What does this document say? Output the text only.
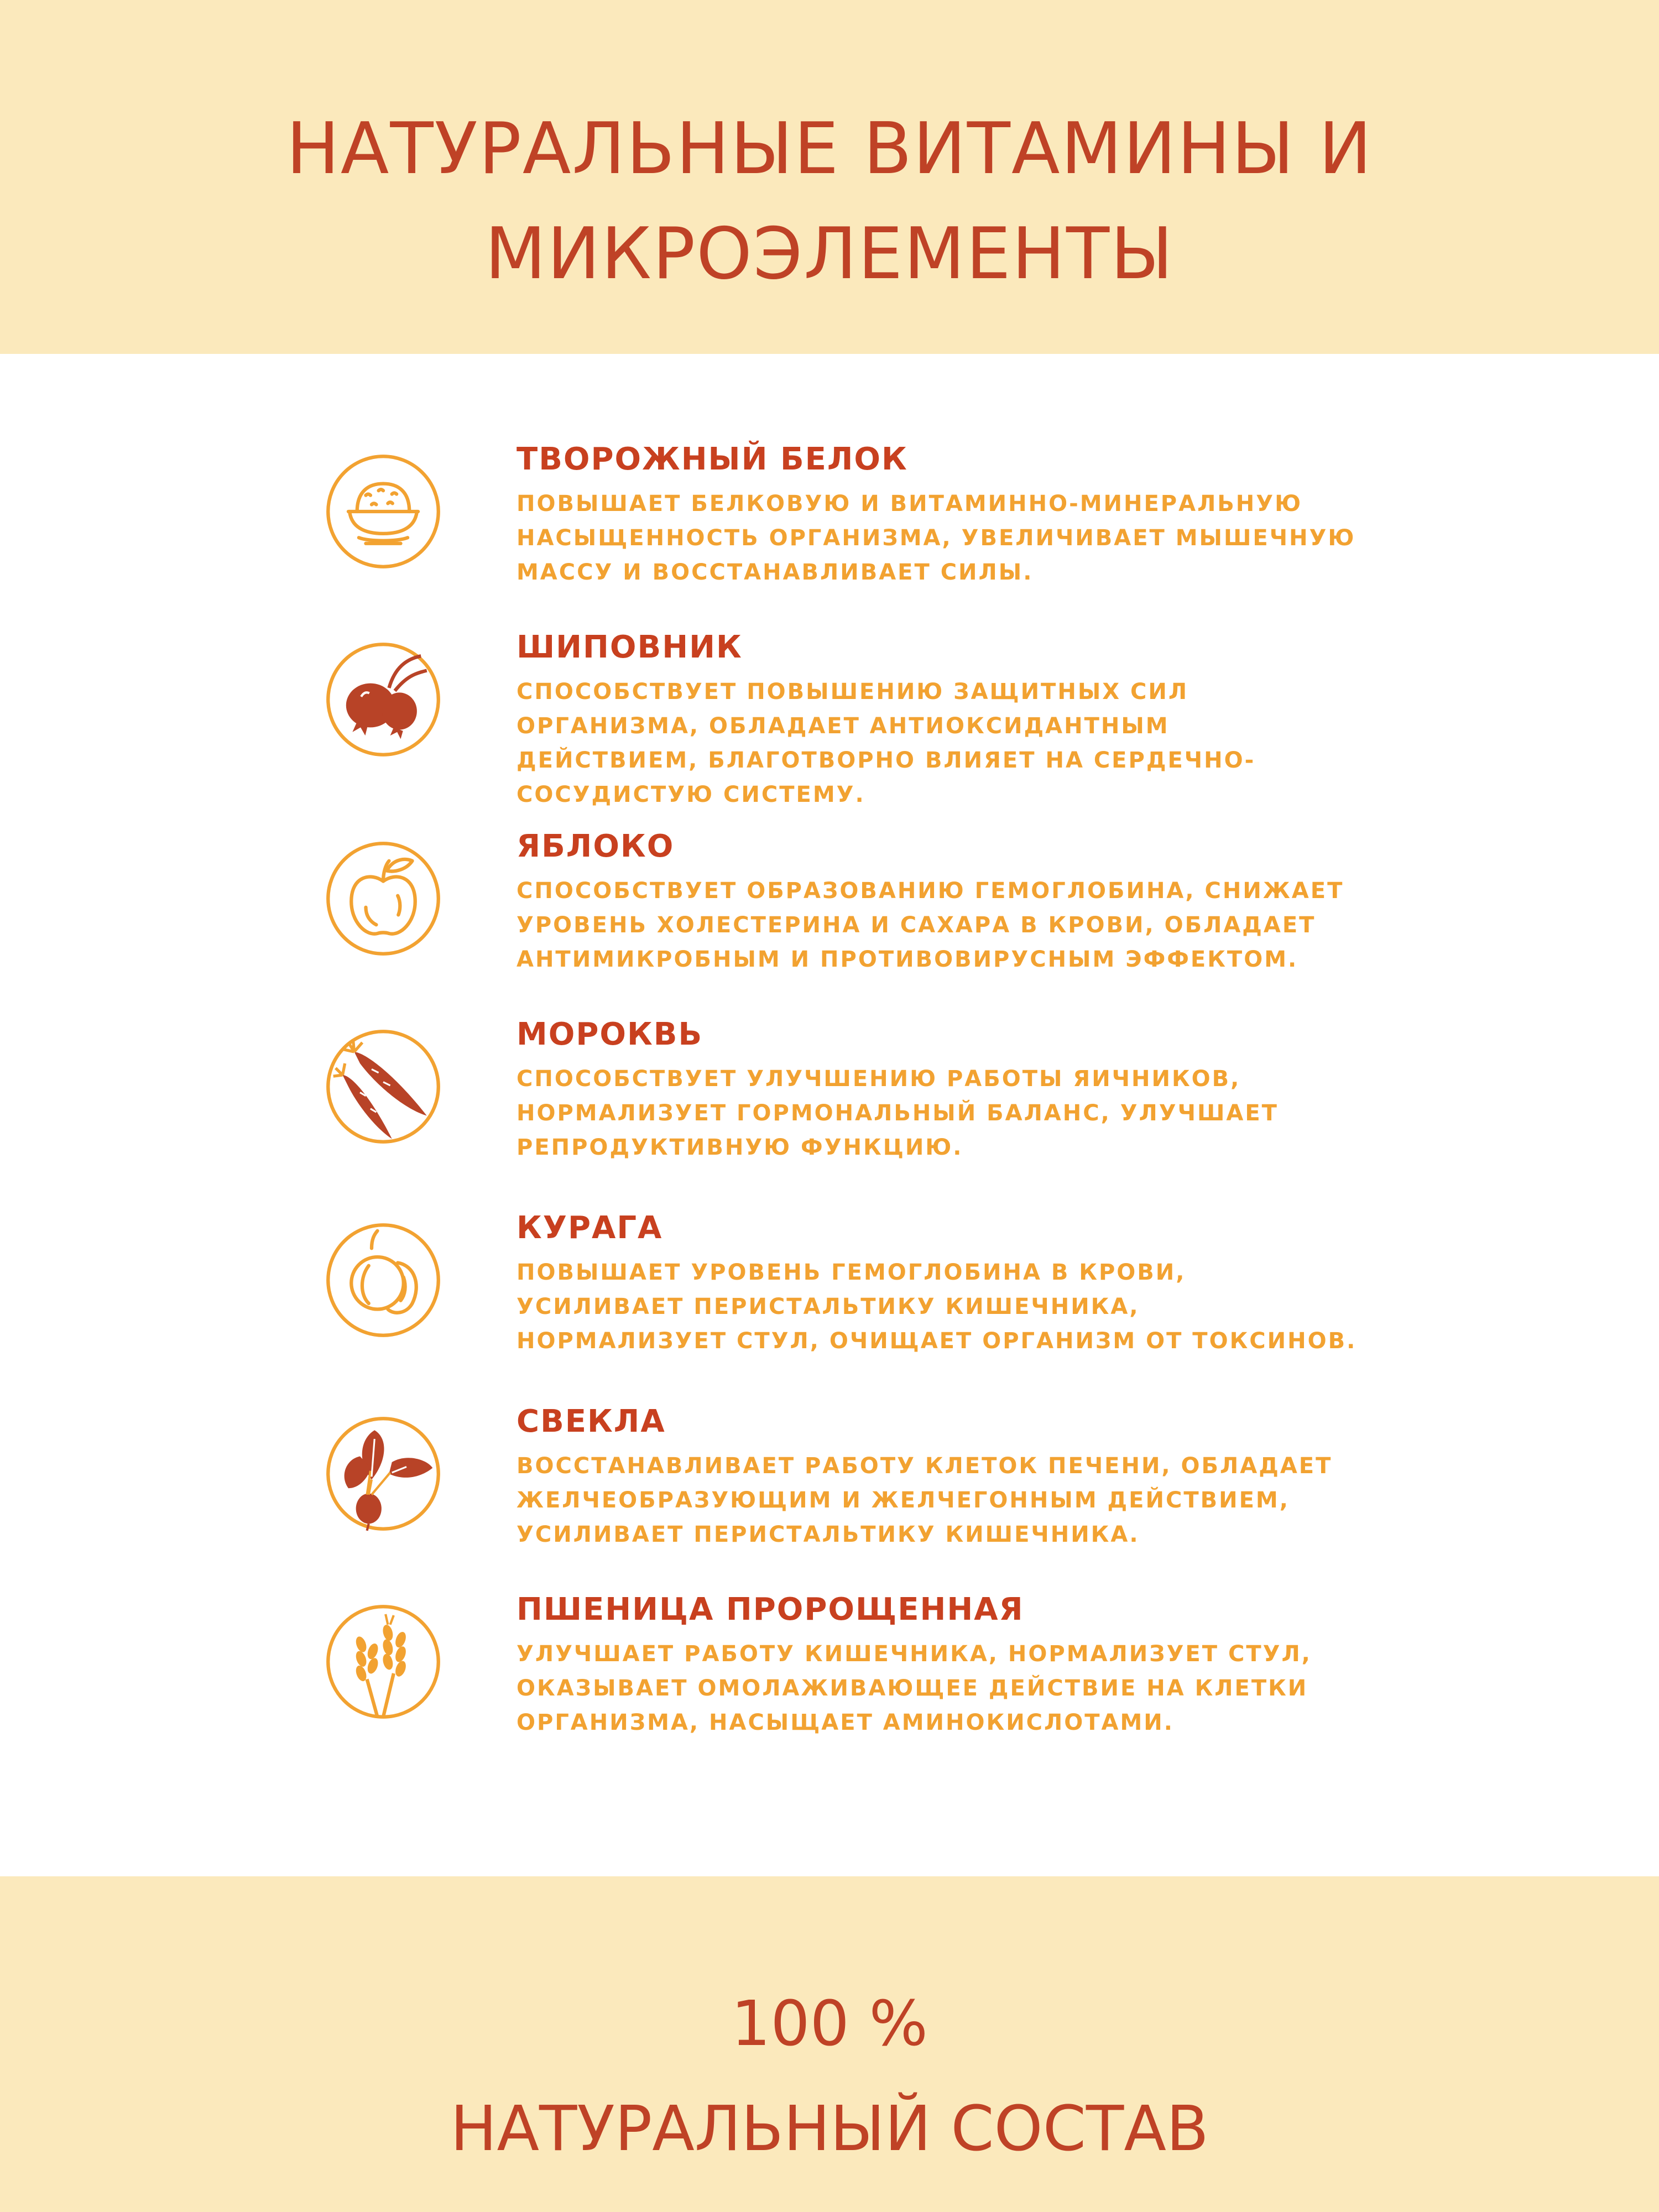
НАТУРАЛЬНЫЕ ВИТАМИНЫ И
МИКРОЭЛЕМЕНТЫ
ТВОРОЖНЫЙ БЕЛОК
ПОВЫШАЕТ БЕЛКОВУЮ И ВИТАМИННО-МИНЕРАЛЬНУЮ НАСЫЩЕННОСТЬ ОРГАНИЗМА, УВЕЛИЧИВАЕТ МЫШЕЧНУЮ МАССУ И ВОССТАНАВЛИВАЕТ СИЛЫ.
ШИПОВНИК
СПОСОБСТВУЕТ ПОВЫШЕНИЮ ЗАЩИТНЫХ СИЛ ОРГАНИЗМА, ОБЛАДАЕТ АНТИОКСИДАНТНЫМ ДЕЙСТВИЕМ, БЛАГОТВОРНО ВЛИЯЕТ НА СЕРДЕЧНО-СОСУДИСТУЮ СИСТЕМУ.
ЯБЛОКО
СПОСОБСТВУЕТ ОБРАЗОВАНИЮ ГЕМОГЛОБИНА, СНИЖАЕТ УРОВЕНЬ ХОЛЕСТЕРИНА И САХАРА В КРОВИ, ОБЛАДАЕТ АНТИМИКРОБНЫМ И ПРОТИВОВИРУСНЫМ ЭФФЕКТОМ.
МОРОКВЬ
СПОСОБСТВУЕТ УЛУЧШЕНИЮ РАБОТЫ ЯИЧНИКОВ, НОРМАЛИЗУЕТ ГОРМОНАЛЬНЫЙ БАЛАНС, УЛУЧШАЕТ РЕПРОДУКТИВНУЮ ФУНКЦИЮ.
КУРАГА
ПОВЫШАЕТ УРОВЕНЬ ГЕМОГЛОБИНА В КРОВИ, УСИЛИВАЕТ ПЕРИСТАЛЬТИКУ КИШЕЧНИКА, НОРМАЛИЗУЕТ СТУЛ, ОЧИЩАЕТ ОРГАНИЗМ ОТ ТОКСИНОВ.
СВЕКЛА
ВОССТАНАВЛИВАЕТ РАБОТУ КЛЕТОК ПЕЧЕНИ, ОБЛАДАЕТ ЖЕЛЧЕОБРАЗУЮЩИМ И ЖЕЛЧЕГОННЫМ ДЕЙСТВИЕМ, УСИЛИВАЕТ ПЕРИСТАЛЬТИКУ КИШЕЧНИКА.
ПШЕНИЦА ПРОРОЩЕННАЯ
УЛУЧШАЕТ РАБОТУ КИШЕЧНИКА, НОРМАЛИЗУЕТ СТУЛ, ОКАЗЫВАЕТ ОМОЛАЖИВАЮЩЕЕ ДЕЙСТВИЕ НА КЛЕТКИ ОРГАНИЗМА, НАСЫЩАЕТ АМИНОКИСЛОТАМИ.
100 %
НАТУРАЛЬНЫЙ СОСТАВ
